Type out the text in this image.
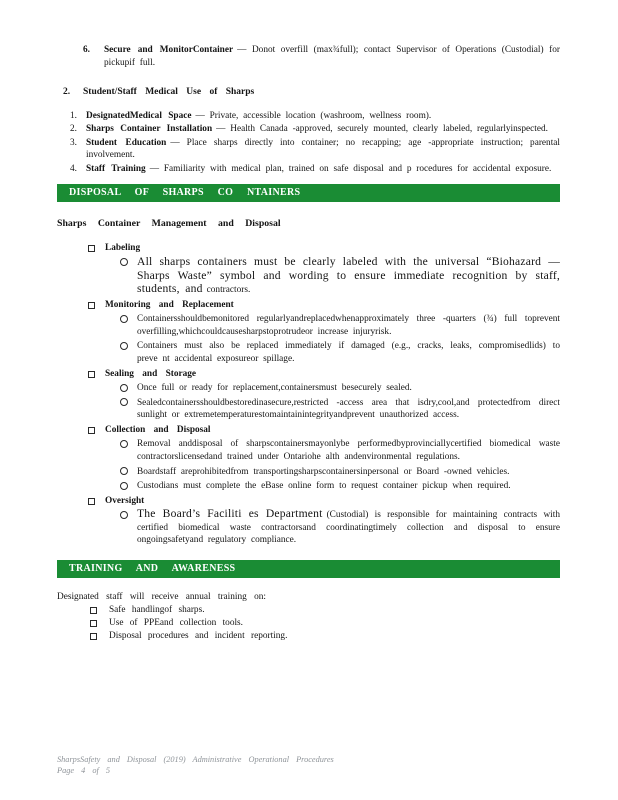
6.	Secure and MonitorContainer — Donot overfill (max¾full); contact Supervisor of Operations (Custodial) for pickupif full.
2.	Student/Staff Medical Use of Sharps
1. DesignatedMedical Space — Private, accessible location (washroom, wellness room).
2. Sharps Container Installation — Health Canada -approved, securely mounted, clearly labeled, regularlyinspected.
3. Student Education — Place sharps directly into container; no recapping; age -appropriate instruction; parental involvement.
4. Staff Training — Familiarity with medical plan, trained on safe disposal and p rocedures for accidental exposure.
DISPOSAL OF SHARPS CO NTAINERS
Sharps Container Management and Disposal
Labeling
All sharps containers must be clearly labeled with the universal “Biohazard — Sharps Waste” symbol and wording to ensure immediate recognition by staff, students, and contractors.
Monitoring and Replacement
Containersshouldbemonitored regularlyandreplacedwhenapproximately three -quarters (¾) full toprevent overfilling,whichcouldcausesharpstoprotrudeor increase injuryrisk.
Containers must also be replaced immediately if damaged (e.g., cracks, leaks, compromisedlids) to preve nt accidental exposureor spillage.
Sealing and Storage
Once full or ready for replacement,containersmust besecurely sealed.
Sealedcontainersshouldbestoredinasecure,restricted -access area that isdry,cool,and protectedfrom direct sunlight or extremetemperaturestomaintainintegrityandprevent unauthorized access.
Collection and Disposal
Removal anddisposal of sharpscontainersmayonlybe performedbyprovinciallycertified biomedical waste contractorslicensedand trained under Ontariohe alth andenvironmental regulations.
Boardstaff areprohibitedfrom transportingsharpscontainersinpersonal or Board -owned vehicles.
Custodians must complete the eBase online form to request container pickup when required.
Oversight
The Board’s Faciliti es Department (Custodial) is responsible for maintaining contracts with certified biomedical waste contractorsand coordinatingtimely collection and disposal to ensure ongoingsafetyand regulatory compliance.
TRAINING AND AWARENESS
Designated staff will receive annual training on:
Safe handlingof sharps.
Use of PPEand collection tools.
Disposal procedures and incident reporting.
SharpsSafety and Disposal (2019) Administrative Operational Procedures
Page 4 of 5
